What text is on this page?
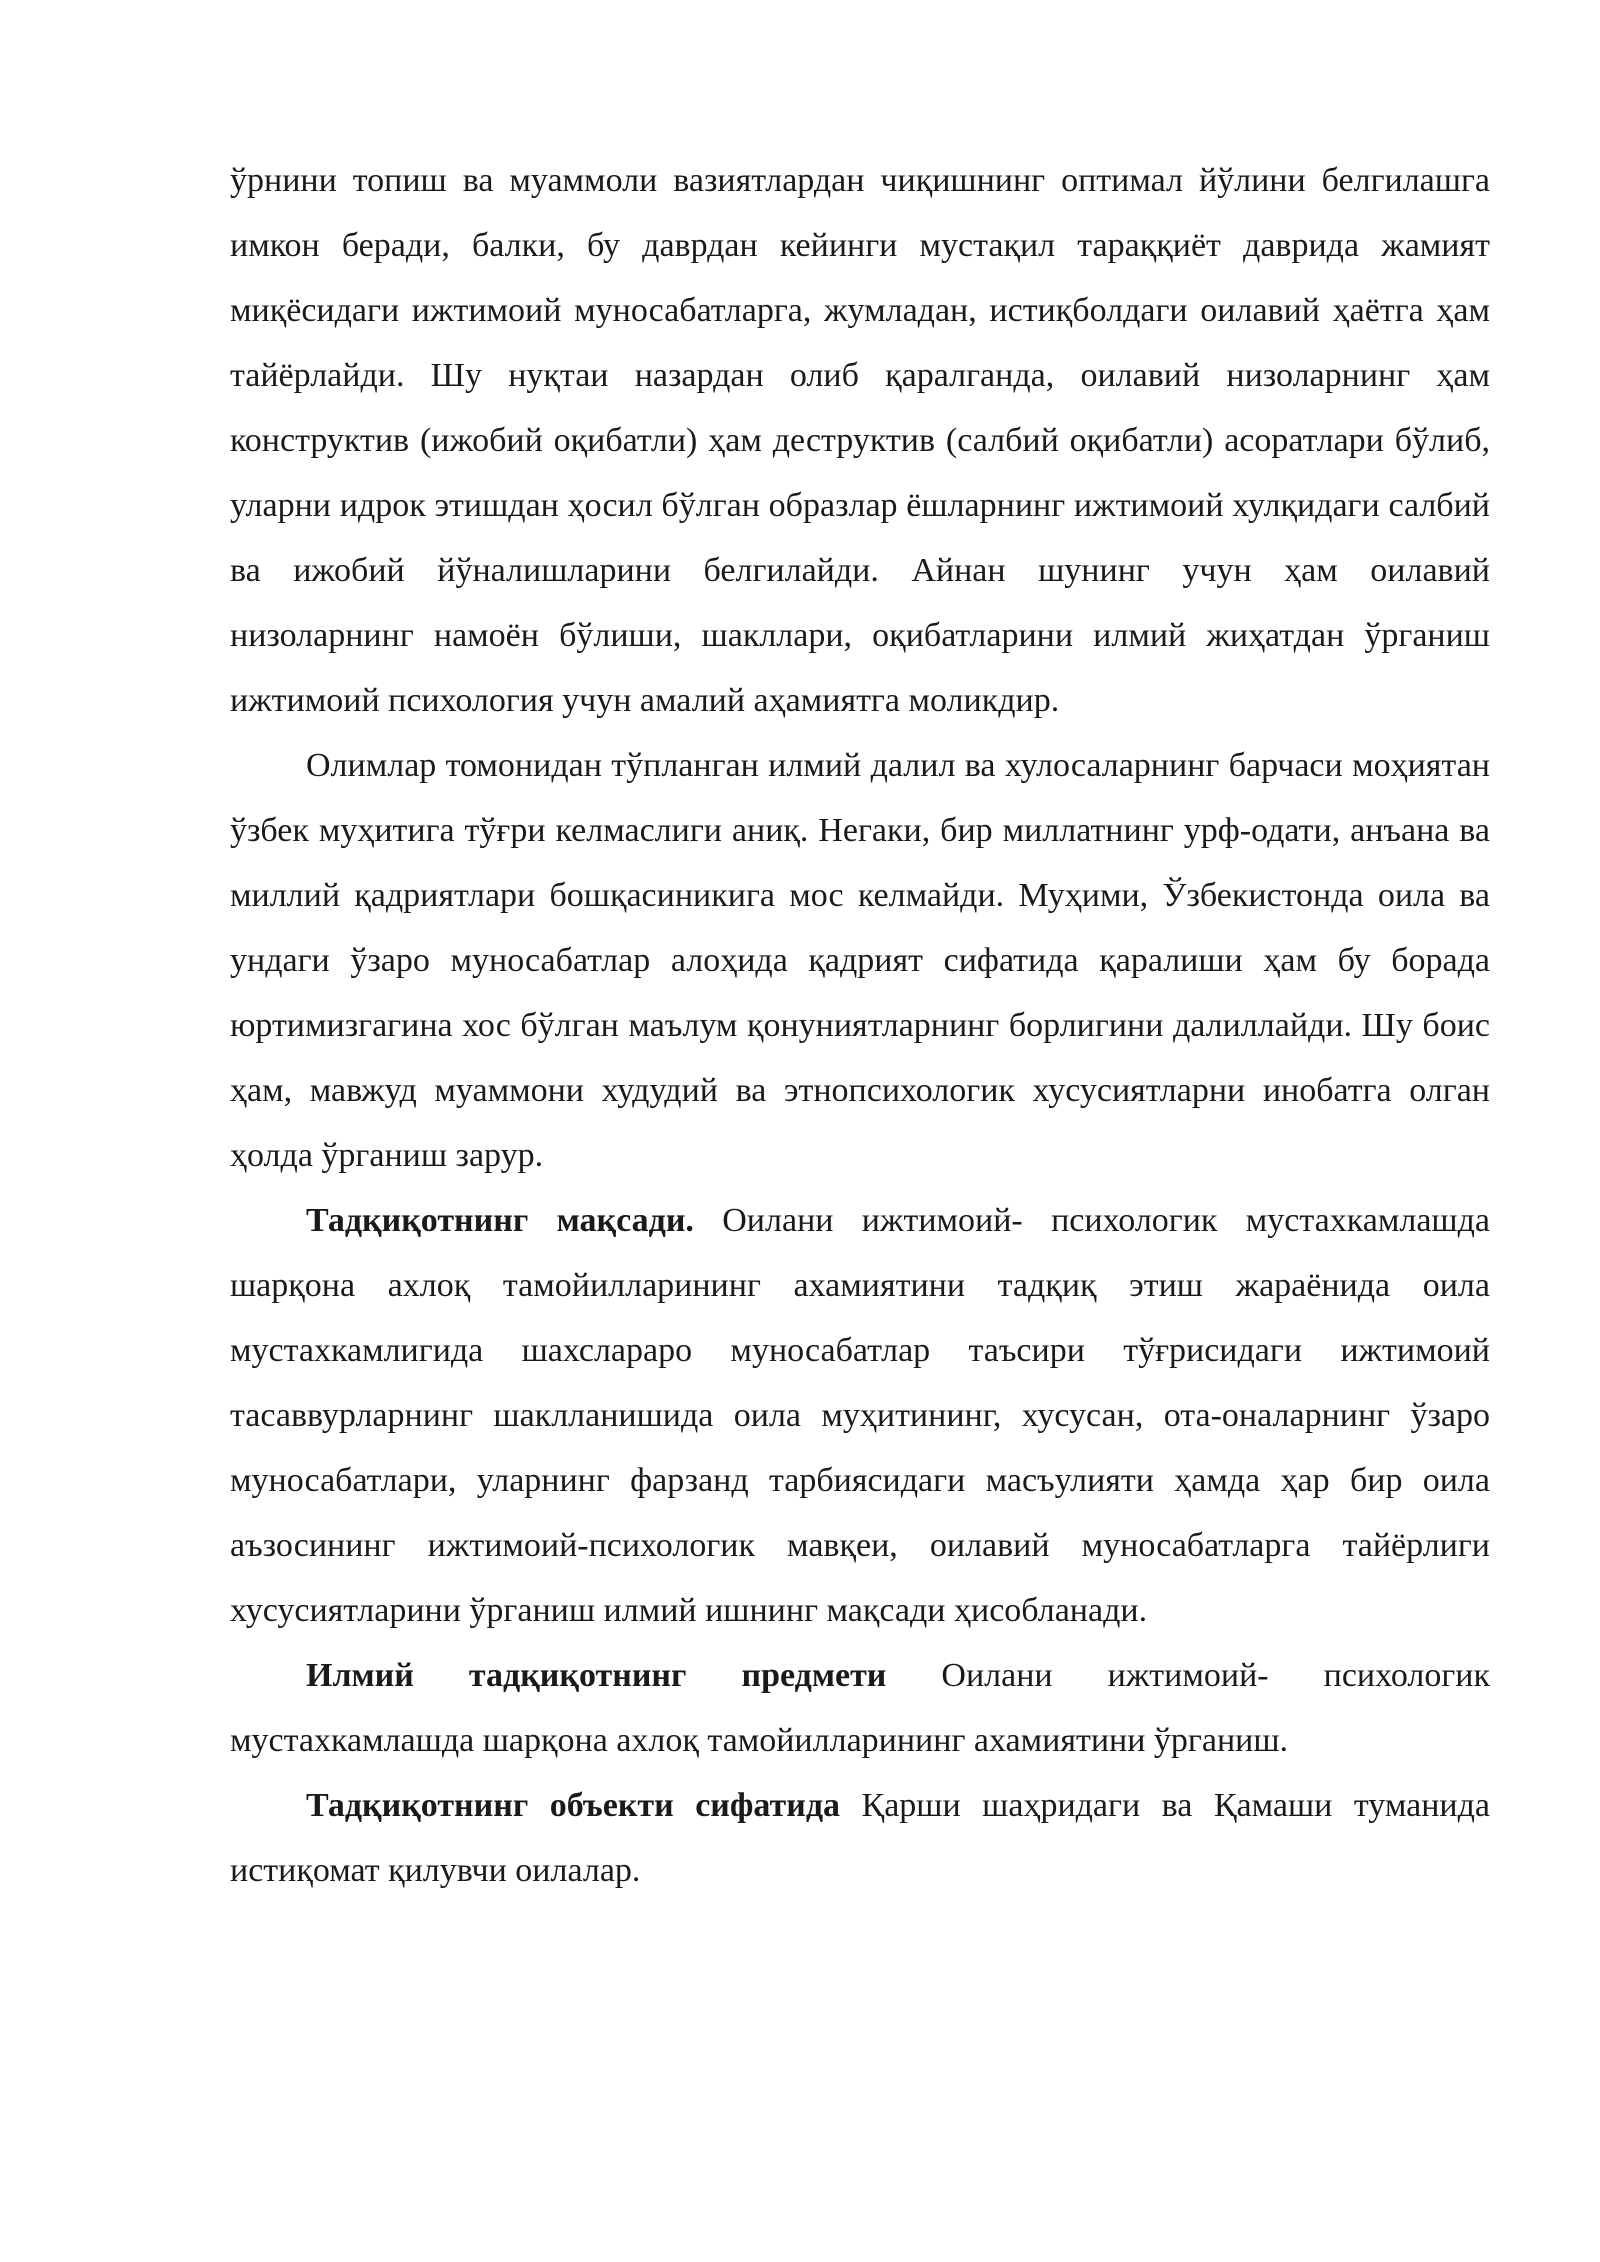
ўрнини топиш ва муаммоли вазиятлардан чиқишнинг оптимал йўлини белгилашга имкон беради, балки, бу даврдан кейинги мустақил тараққиёт даврида жамият миқёсидаги ижтимоий муносабатларга, жумладан, истиқболдаги оилавий ҳаётга ҳам тайёрлайди. Шу нуқтаи назардан олиб қаралганда, оилавий низоларнинг ҳам конструктив (ижобий оқибатли) ҳам деструктив (салбий оқибатли) асоратлари бўлиб, уларни идрок этишдан ҳосил бўлган образлар ёшларнинг ижтимоий хулқидаги салбий ва ижобий йўналишларини белгилайди. Айнан шунинг учун ҳам оилавий низоларнинг намоён бўлиши, шакллари, оқибатларини илмий жиҳатдан ўрганиш ижтимоий психология учун амалий аҳамиятга моликдир.

Олимлар томонидан тўпланган илмий далил ва хулосаларнинг барчаси моҳиятан ўзбек муҳитига тўғри келмаслиги аниқ. Негаки, бир миллатнинг урф-одати, анъана ва миллий қадриятлари бошқасиникига мос келмайди. Муҳими, Ўзбекистонда оила ва ундаги ўзаро муносабатлар алоҳида қадрият сифатида қаралиши ҳам бу борада юртимизгагина хос бўлган маълум қонуниятларнинг борлигини далиллайди. Шу боис ҳам, мавжуд муаммони худудий ва этнопсихологик хусусиятларни инобатга олган ҳолда ўрганиш зарур.

Тадқиқотнинг мақсади. Оилани ижтимоий- психологик мустахкамлашда шарқона ахлоқ тамойилларининг ахамиятини тадқиқ этиш жараёнида оила мустахкамлигида шахслараро муносабатлар таъсири тўғрисидаги ижтимоий тасаввурларнинг шаклланишида оила муҳитининг, хусусан, ота-оналарнинг ўзаро муносабатлари, уларнинг фарзанд тарбиясидаги масъулияти ҳамда ҳар бир оила аъзосининг ижтимоий-психологик мавқеи, оилавий муносабатларга тайёрлиги хусусиятларини ўрганиш илмий ишнинг мақсади ҳисобланади.

Илмий тадқиқотнинг предмети Оилани ижтимоий- психологик мустахкамлашда шарқона ахлоқ тамойилларининг ахамиятини ўрганиш.

Тадқиқотнинг объекти сифатида Қарши шаҳридаги ва Қамаши туманида истиқомат қилувчи оилалар.
